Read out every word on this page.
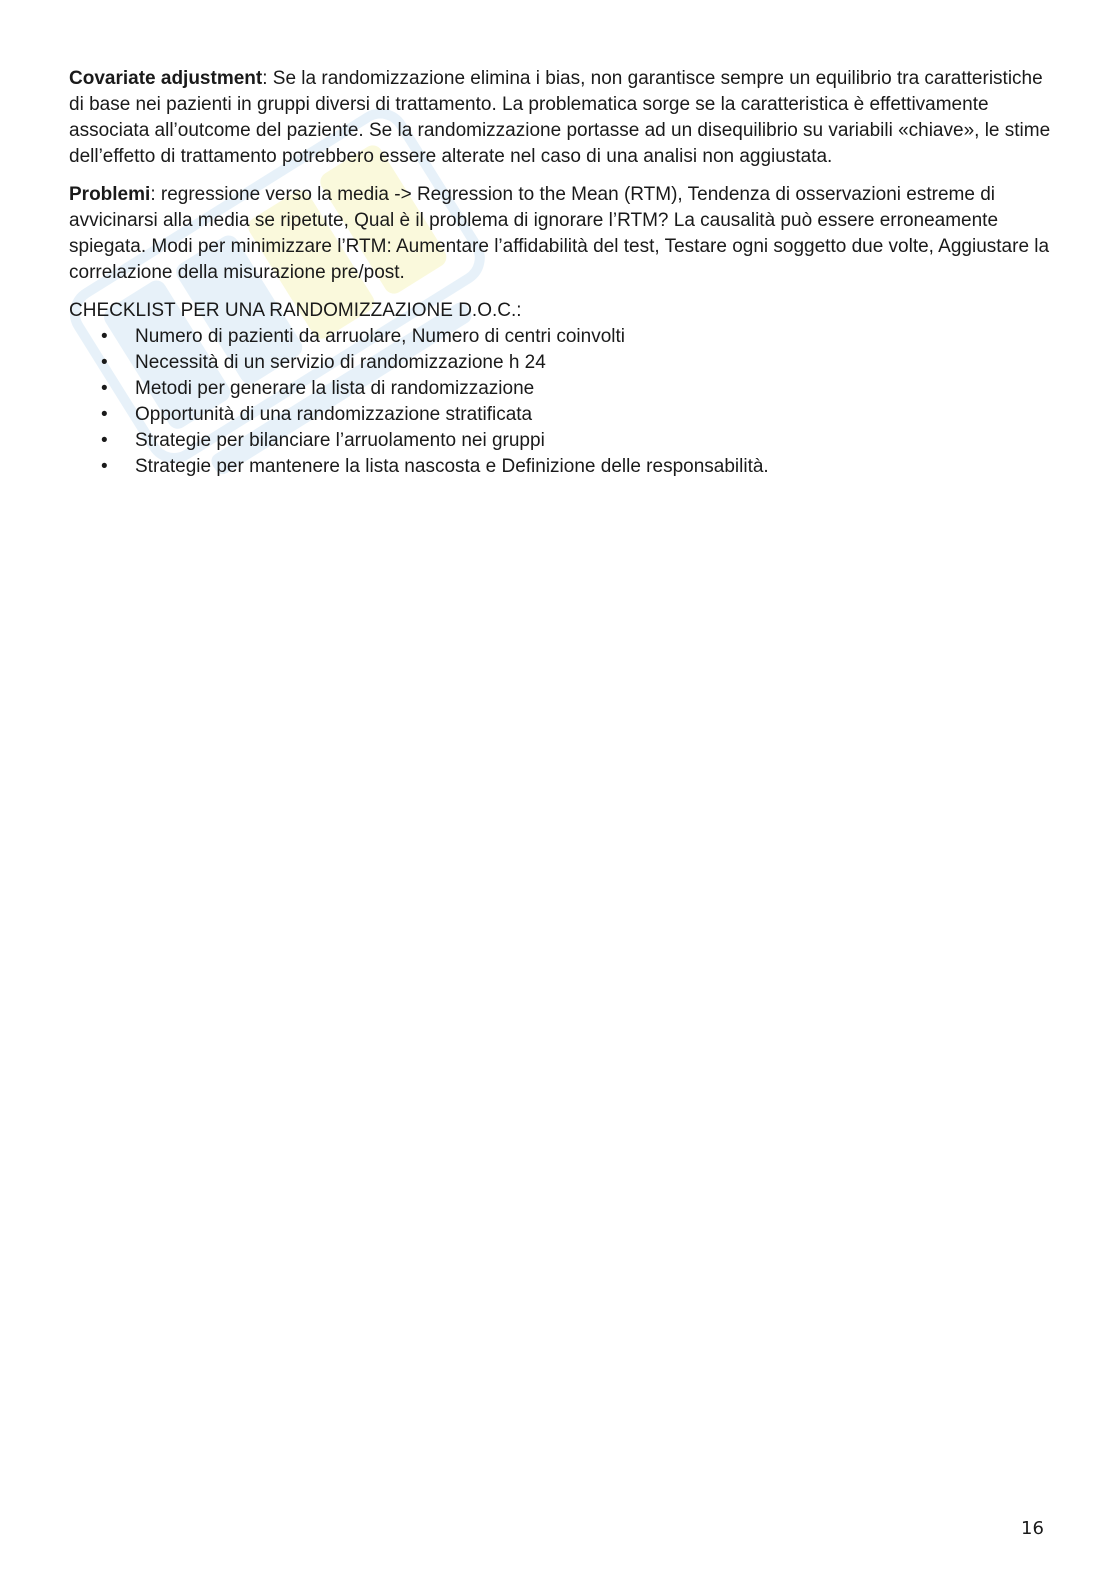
Covariate adjustment: Se la randomizzazione elimina i bias, non garantisce sempre un equilibrio tra caratteristiche di base nei pazienti in gruppi diversi di trattamento. La problematica sorge se la caratteristica è effettivamente associata all’outcome del paziente. Se la randomizzazione portasse ad un disequilibrio su variabili «chiave», le stime dell’effetto di trattamento potrebbero essere alterate nel caso di una analisi non aggiustata.

Problemi: regressione verso la media -> Regression to the Mean (RTM), Tendenza di osservazioni estreme di avvicinarsi alla media se ripetute, Qual è il problema di ignorare l’RTM? La causalità può essere erroneamente spiegata. Modi per minimizzare l’RTM: Aumentare l’affidabilità del test, Testare ogni soggetto due volte, Aggiustare la correlazione della misurazione pre/post.

CHECKLIST PER UNA RANDOMIZZAZIONE D.O.C.:

• Numero di pazienti da arruolare, Numero di centri coinvolti
• Necessità di un servizio di randomizzazione h 24
• Metodi per generare la lista di randomizzazione
• Opportunità di una randomizzazione stratificata
• Strategie per bilanciare l’arruolamento nei gruppi
• Strategie per mantenere la lista nascosta e Definizione delle responsabilità.
16
